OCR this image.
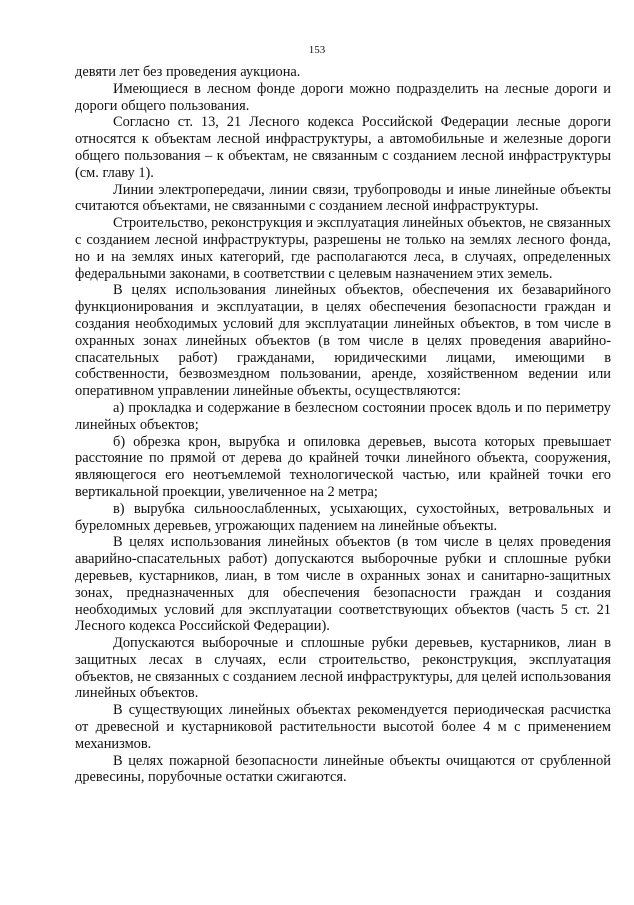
153

девяти лет без проведения аукциона.

Имеющиеся в лесном фонде дороги можно подразделить на лесные дороги и дороги общего пользования.

Согласно ст. 13, 21 Лесного кодекса Российской Федерации лесные дороги относятся к объектам лесной инфраструктуры, а автомобильные и железные дороги общего пользования – к объектам, не связанным с созданием лесной инфраструктуры (см. главу 1).

Линии электропередачи, линии связи, трубопроводы и иные линейные объекты считаются объектами, не связанными с созданием лесной инфраструктуры.

Строительство, реконструкция и эксплуатация линейных объектов, не связанных с созданием лесной инфраструктуры, разрешены не только на землях лесного фонда, но и на землях иных категорий, где располагаются леса, в случаях, определенных федеральными законами, в соответствии с целевым назначением этих земель.

В целях использования линейных объектов, обеспечения их безаварийного функционирования и эксплуатации, в целях обеспечения безопасности граждан и создания необходимых условий для эксплуатации линейных объектов, в том числе в охранных зонах линейных объектов (в том числе в целях проведения аварийно-спасательных работ) гражданами, юридическими лицами, имеющими в собственности, безвозмездном пользовании, аренде, хозяйственном ведении или оперативном управлении линейные объекты, осуществляются:

а) прокладка и содержание в безлесном состоянии просек вдоль и по периметру линейных объектов;

б) обрезка крон, вырубка и опиловка деревьев, высота которых превышает расстояние по прямой от дерева до крайней точки линейного объекта, сооружения, являющегося его неотъемлемой технологической частью, или крайней точки его вертикальной проекции, увеличенное на 2 метра;

в) вырубка сильноослабленных, усыхающих, сухостойных, ветровальных и буреломных деревьев, угрожающих падением на линейные объекты.

В целях использования линейных объектов (в том числе в целях проведения аварийно-спасательных работ) допускаются выборочные рубки и сплошные рубки деревьев, кустарников, лиан, в том числе в охранных зонах и санитарно-защитных зонах, предназначенных для обеспечения безопасности граждан и создания необходимых условий для эксплуатации соответствующих объектов (часть 5 ст. 21 Лесного кодекса Российской Федерации).

Допускаются выборочные и сплошные рубки деревьев, кустарников, лиан в защитных лесах в случаях, если строительство, реконструкция, эксплуатация объектов, не связанных с созданием лесной инфраструктуры, для целей использования линейных объектов.

В существующих линейных объектах рекомендуется периодическая расчистка от древесной и кустарниковой растительности высотой более 4 м с применением механизмов.

В целях пожарной безопасности линейные объекты очищаются от срубленной древесины, порубочные остатки сжигаются.
